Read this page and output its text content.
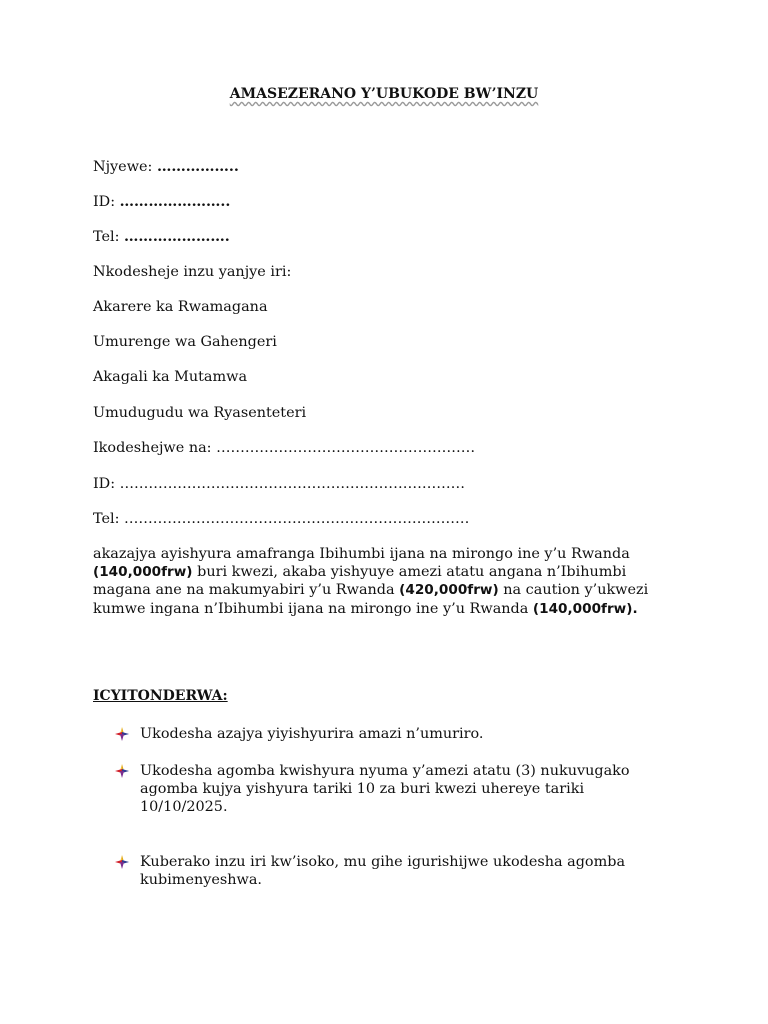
AMASEZERANO Y’UBUKODE BW’INZU
Njyewe: ……………..
ID: …………………..
Tel: ………………….
Nkodesheje inzu yanjye iri:
Akarere ka Rwamagana
Umurenge wa Gahengeri
Akagali ka Mutamwa
Umudugudu wa Ryasenteteri
Ikodeshejwe na: ………………………………………………
ID: ………………………………………………………………
Tel: ………………………………………………………………
akazajya ayishyura amafranga Ibihumbi ijana na mirongo ine y’u Rwanda (140,000frw) buri kwezi, akaba yishyuye amezi atatu angana n’Ibihumbi magana ane na makumyabiri y’u Rwanda (420,000frw) na caution y’ukwezi kumwe ingana n’Ibihumbi ijana na mirongo ine y’u Rwanda (140,000frw).
ICYITONDERWA:
Ukodesha azajya yiyishyurira amazi n’umuriro.
Ukodesha agomba kwishyura nyuma y’amezi atatu (3) nukuvugako agomba kujya yishyura tariki 10 za buri kwezi uhereye tariki 10/10/2025.
Kuberako inzu iri kw’isoko, mu gihe igurishijwe ukodesha agomba kubimenyeshwa.
